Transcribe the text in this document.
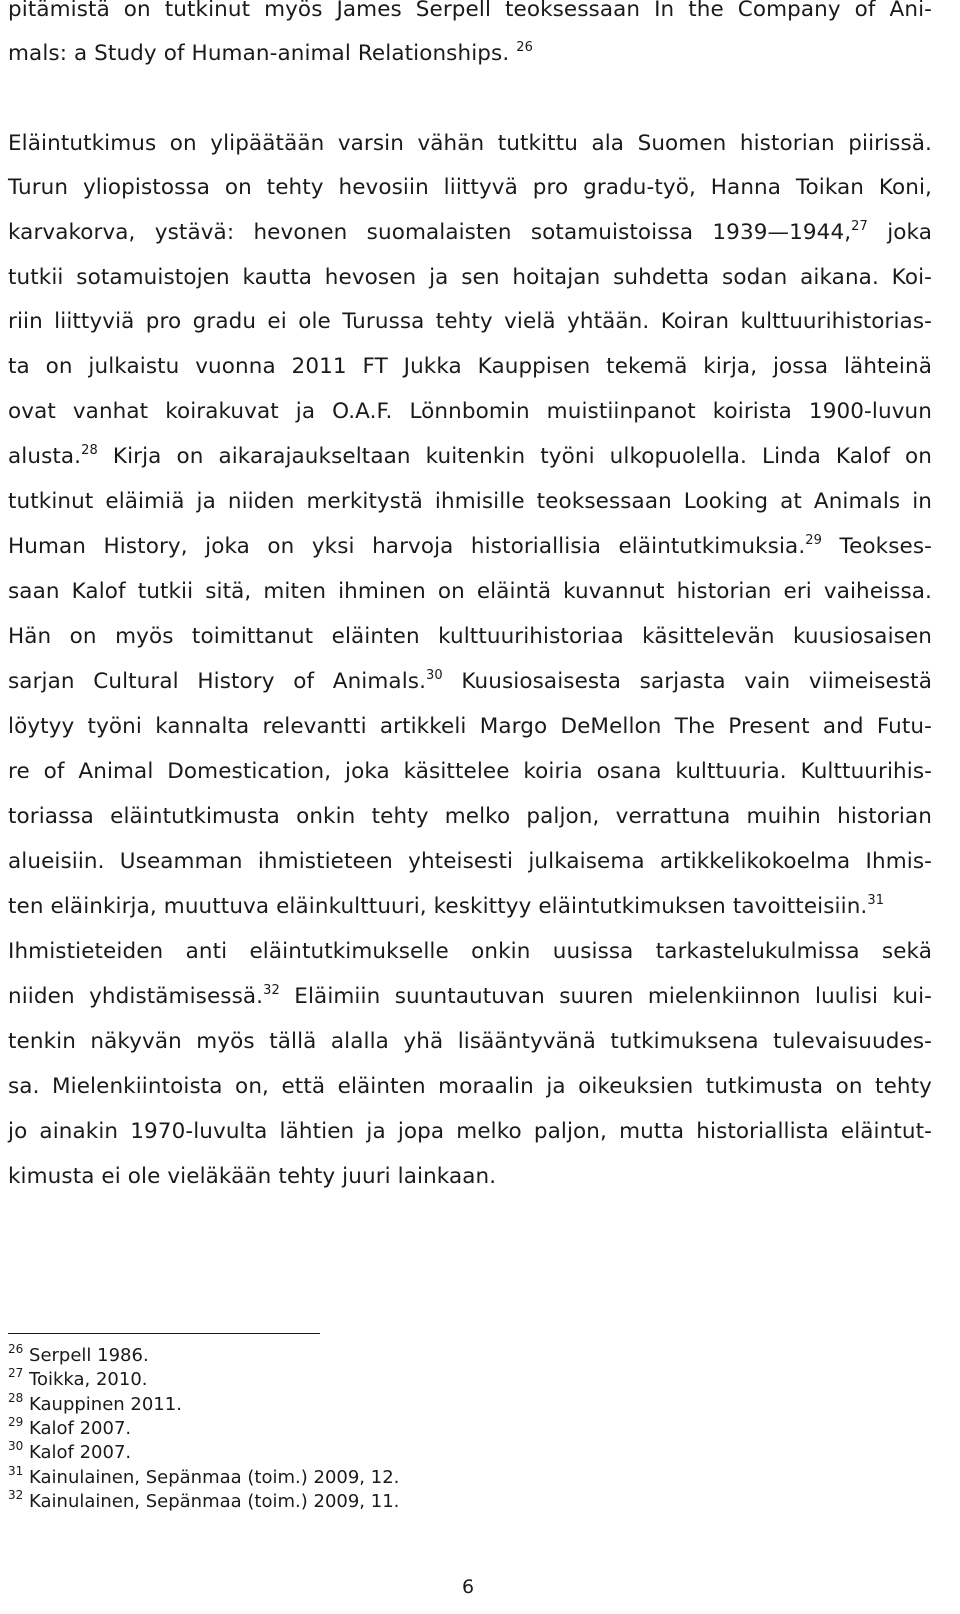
pitämistä on tutkinut myös James Serpell teoksessaan In the Company of Ani-
mals: a Study of Human-animal Relationships. $^{26}$
Eläintutkimus on ylipäätään varsin vähän tutkittu ala Suomen historian piirissä.
Turun yliopistossa on tehty hevosiin liittyvä pro gradu-työ, Hanna Toikan Koni,
karvakorva, ystävä: hevonen suomalaisten sotamuistoissa 1939—1944,27 joka
tutkii sotamuistojen kautta hevosen ja sen hoitajan suhdetta sodan aikana. Koi-
riin liittyviä pro gradu ei ole Turussa tehty vielä yhtään. Koiran kulttuurihistorias-
ta on julkaistu vuonna 2011 FT Jukka Kauppisen tekemä kirja, jossa lähteinä
ovat vanhat koirakuvat ja O.A.F. Lönnbomin muistiinpanot koirista 1900-luvun
alusta.$^{28}$ Kirja on aikarajaukseltaan kuitenkin työni ulkopuolella. Linda Kalof on
tutkinut eläimiä ja niiden merkitystä ihmisille teoksessaan Looking at Animals in
Human History, joka on yksi harvoja historiallisia eläintutkimuksia.$^{29}$ Teokses-
saan Kalof tutkii sitä, miten ihminen on eläintä kuvannut historian eri vaiheissa.
Hän on myös toimittanut eläinten kulttuurihistoriaa käsittelevän kuusiosaisen
sarjan Cultural History of Animals.$^{30}$ Kuusiosaisesta sarjasta vain viimeisestä
löytyy työni kannalta relevantti artikkeli Margo DeMellon The Present and Futu-
re of Animal Domestication, joka käsittelee koiria osana kulttuuria. Kulttuurihis-
toriassa eläintutkimusta onkin tehty melko paljon, verrattuna muihin historian
alueisiin. Useamman ihmistieteen yhteisesti julkaisema artikkelikokoelma Ihmis-
ten eläinkirja, muuttuva eläinkulttuuri, keskittyy eläintutkimuksen tavoitteisiin.$^{31}$
Ihmistieteiden anti eläintutkimukselle onkin uusissa tarkastelukulmissa sekä
niiden yhdistämisessä.$^{32}$ Eläimiin suuntautuvan suuren mielenkiinnon luulisi kui-
tenkin näkyvän myös tällä alalla yhä lisääntyvänä tutkimuksena tulevaisuudes-
sa. Mielenkiintoista on, että eläinten moraalin ja oikeuksien tutkimusta on tehty
jo ainakin 1970-luvulta lähtien ja jopa melko paljon, mutta historiallista eläintut-
kimusta ei ole vieläkään tehty juuri lainkaan.
$^{26}$ Serpell 1986.
$^{27}$ Toikka, 2010.
$^{28}$ Kauppinen 2011.
$^{29}$ Kalof 2007.
$^{30}$ Kalof 2007.
$^{31}$ Kainulainen, Sepänmaa (toim.) 2009, 12.
$^{32}$ Kainulainen, Sepänmaa (toim.) 2009, 11.
6
